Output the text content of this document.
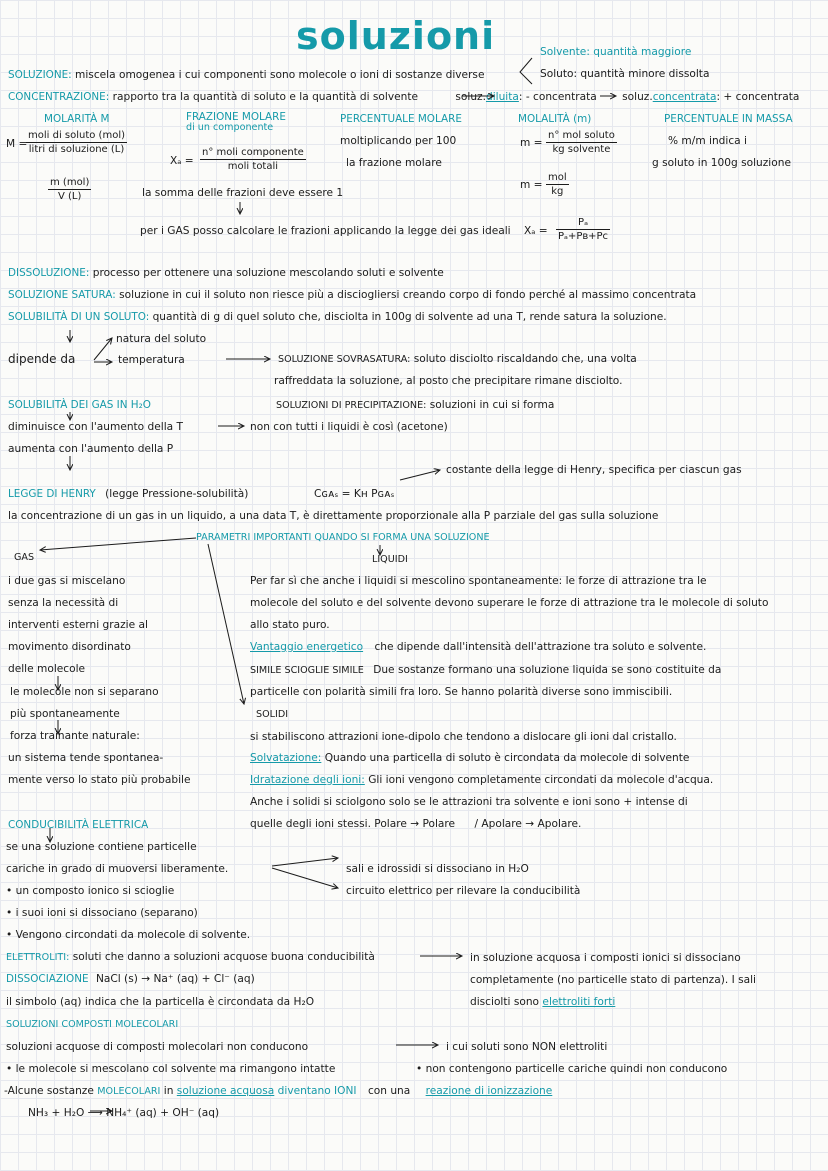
soluzioni	Solvente: quantità maggiore
Soluto: quantità minore dissolta
SOLUZIONE: miscela omogenea i cui componenti sono molecole o ioni di sostanze diverse
CONCENTRAZIONE: rapporto tra la quantità di soluto e la quantità di solvente	soluz.diluita: - concentrata soluz.concentrata: + concentrata
MOLARITÀ M
M =
moli di soluto (mol)
litri di soluzione (L)
m (mol)
V (L)
FRAZIONE MOLARE
di un componente
Xₐ =
n° moli componente
moli totali
la somma delle frazioni deve essere 1
PERCENTUALE MOLARE
moltiplicando per 100
la frazione molare
MOLALITÀ (m)
m =
n° mol soluto
kg solvente
m =
mol
kg
PERCENTUALE IN MASSA
% m/m indica i
g soluto in 100g soluzione
per i GAS posso calcolare le frazioni applicando la legge dei gas ideali $X_a = \frac{\text{Pₐ}}{\text{Pₐ+Pʙ+Pc}}$
DISSOLUZIONE: processo per ottenere una soluzione mescolando soluti e solvente
SOLUZIONE SATURA: soluzione in cui il soluto non riesce più a disciogliersi creando corpo di fondo perché al massimo concentrata
SOLUBILITÀ DI UN SOLUTO: quantità di g di quel soluto che, disciolta in 100g di solvente ad una T, rende satura la soluzione.
natura del soluto
dipende da	temperatura	SOLUZIONE SOVRASATURA: soluto disciolto riscaldando che, una volta
raffreddata la soluzione, al posto che precipitare rimane disciolto.
SOLUBILITÀ DEI GAS IN H₂O	SOLUZIONI DI PRECIPITAZIONE: soluzioni in cui si forma
diminuisce con l'aumento della T	non con tutti i liquidi è così (acetone)
aumenta con l'aumento della P
costante della legge di Henry, specifica per ciascun gas
LEGGE DI HENRY (legge Pressione-solubilità)	Cɢᴀₛ = Kʜ Pɢᴀₛ
la concentrazione di un gas in un liquido, a una data T, è direttamente proporzionale alla P parziale del gas sulla soluzione
PARAMETRI IMPORTANTI QUANDO SI FORMA UNA SOLUZIONE
GAS	LIQUIDI
i due gas si miscelano
senza la necessità di
interventi esterni grazie al
movimento disordinato
delle molecole
le molecole non si separano
più spontaneamente
forza trainante naturale:
un sistema tende spontanea-
mente verso lo stato più probabile
Per far sì che anche i liquidi si mescolino spontaneamente: le forze di attrazione tra le
molecole del soluto e del solvente devono superare le forze di attrazione tra le molecole di soluto
allo stato puro.
Vantaggio energetico che dipende dall'intensità dell'attrazione tra soluto e solvente.
SIMILE SCIOGLIE SIMILE Due sostanze formano una soluzione liquida se sono costituite da
particelle con polarità simili fra loro. Se hanno polarità diverse sono immiscibili.
SOLIDI
si stabiliscono attrazioni ione-dipolo che tendono a dislocare gli ioni dal cristallo.
Solvatazione: Quando una particella di soluto è circondata da molecole di solvente
Idratazione degli ioni: Gli ioni vengono completamente circondati da molecole d'acqua.
Anche i solidi si sciolgono solo se le attrazioni tra solvente e ioni sono + intense di
quelle degli ioni stessi. Polare → Polare / Apolare → Apolare.
CONDUCIBILITÀ ELETTRICA
se una soluzione contiene particelle
cariche in grado di muoversi liberamente.
• un composto ionico si scioglie
• i suoi ioni si dissociano (separano)
• Vengono circondati da molecole di solvente.
sali e idrossidi si dissociano in H₂O
circuito elettrico per rilevare la conducibilità
ELETTROLITI: soluti che danno a soluzioni acquose buona conducibilità	in soluzione acquosa i composti ionici si dissociano
completamente (no particelle stato di partenza). I sali
disciolti sono elettroliti forti
DISSOCIAZIONE NaCl (s) → Na⁺ (aq) + Cl⁻ (aq)
il simbolo (aq) indica che la particella è circondata da H₂O
SOLUZIONI COMPOSTI MOLECOLARI
soluzioni acquose di composti molecolari non conducono	i cui soluti sono NON elettroliti
• le molecole si mescolano col solvente ma rimangono intatte	• non contengono particelle cariche quindi non conducono
-Alcune sostanze MOLECOLARI in soluzione acquosa diventano IONI con una reazione di ionizzazione
NH₃ + H₂O ⟶ NH₄⁺ (aq) + OH⁻ (aq)
